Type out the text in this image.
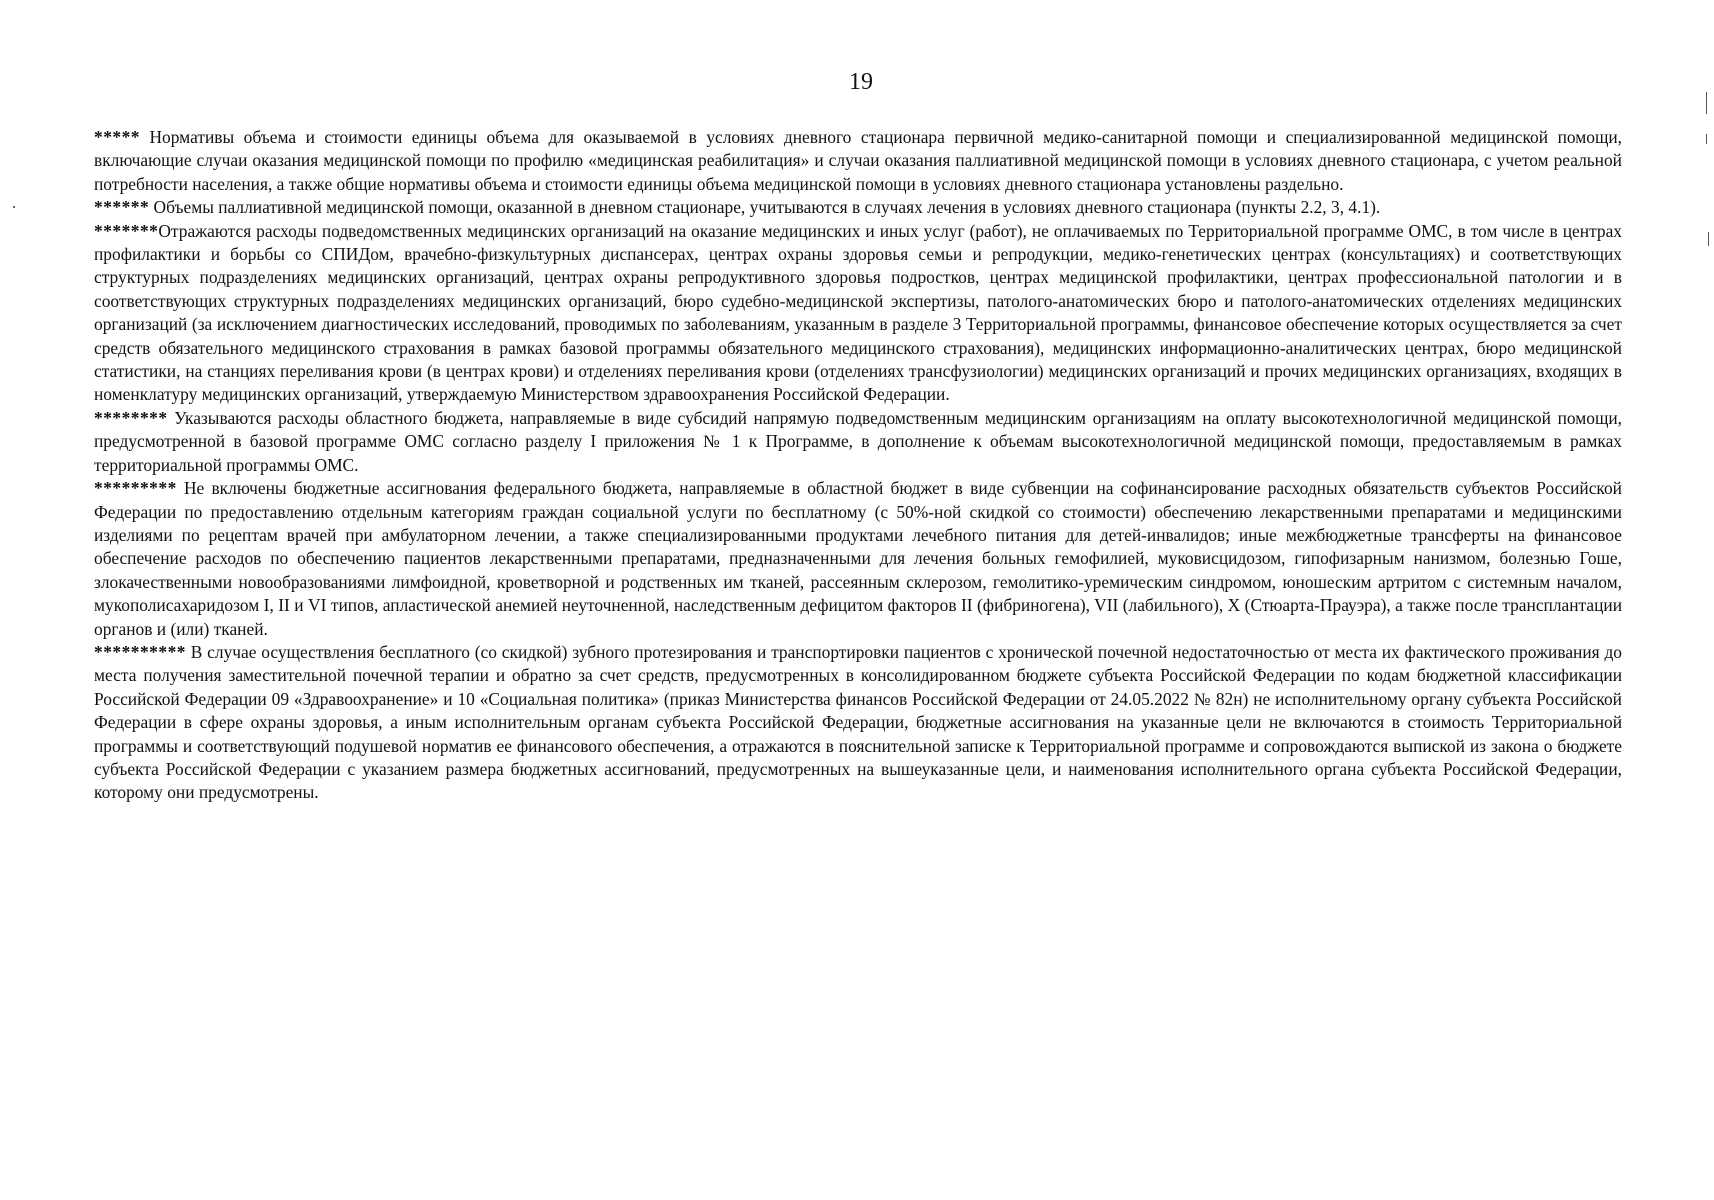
19

***** Нормативы объема и стоимости единицы объема для оказываемой в условиях дневного стационара первичной медико-санитарной помощи и специализированной медицинской помощи, включающие случаи оказания медицинской помощи по профилю «медицинская реабилитация» и случаи оказания паллиативной медицинской помощи в условиях дневного стационара, с учетом реальной потребности населения, а также общие нормативы объема и стоимости единицы объема медицинской помощи в условиях дневного стационара установлены раздельно.

****** Объемы паллиативной медицинской помощи, оказанной в дневном стационаре, учитываются в случаях лечения в условиях дневного стационара (пункты 2.2, 3, 4.1).

*******Отражаются расходы подведомственных медицинских организаций на оказание медицинских и иных услуг (работ), не оплачиваемых по Территориальной программе ОМС, в том числе в центрах профилактики и борьбы со СПИДом, врачебно-физкультурных диспансерах, центрах охраны здоровья семьи и репродукции, медико-генетических центрах (консультациях) и соответствующих структурных подразделениях медицинских организаций, центрах охраны репродуктивного здоровья подростков, центрах медицинской профилактики, центрах профессиональной патологии и в соответствующих структурных подразделениях медицинских организаций, бюро судебно-медицинской экспертизы, патолого-анатомических бюро и патолого-анатомических отделениях медицинских организаций (за исключением диагностических исследований, проводимых по заболеваниям, указанным в разделе 3 Территориальной программы, финансовое обеспечение которых осуществляется за счет средств обязательного медицинского страхования в рамках базовой программы обязательного медицинского страхования), медицинских информационно-аналитических центрах, бюро медицинской статистики, на станциях переливания крови (в центрах крови) и отделениях переливания крови (отделениях трансфузиологии) медицинских организаций и прочих медицинских организациях, входящих в номенклатуру медицинских организаций, утверждаемую Министерством здравоохранения Российской Федерации.

******** Указываются расходы областного бюджета, направляемые в виде субсидий напрямую подведомственным медицинским организациям на оплату высокотехнологичной медицинской помощи, предусмотренной в базовой программе ОМС согласно разделу I приложения № 1 к Программе, в дополнение к объемам высокотехнологичной медицинской помощи, предоставляемым в рамках территориальной программы ОМС.

********* Не включены бюджетные ассигнования федерального бюджета, направляемые в областной бюджет в виде субвенции на софинансирование расходных обязательств субъектов Российской Федерации по предоставлению отдельным категориям граждан социальной услуги по бесплатному (с 50%-ной скидкой со стоимости) обеспечению лекарственными препаратами и медицинскими изделиями по рецептам врачей при амбулаторном лечении, а также специализированными продуктами лечебного питания для детей-инвалидов; иные межбюджетные трансферты на финансовое обеспечение расходов по обеспечению пациентов лекарственными препаратами, предназначенными для лечения больных гемофилией, муковисцидозом, гипофизарным нанизмом, болезнью Гоше, злокачественными новообразованиями лимфоидной, кроветворной и родственных им тканей, рассеянным склерозом, гемолитико-уремическим синдромом, юношеским артритом с системным началом, мукополисахаридозом I, II и VI типов, апластической анемией неуточненной, наследственным дефицитом факторов II (фибриногена), VII (лабильного), X (Стюарта-Прауэра), а также после трансплантации органов и (или) тканей.

********** В случае осуществления бесплатного (со скидкой) зубного протезирования и транспортировки пациентов с хронической почечной недостаточностью от места их фактического проживания до места получения заместительной почечной терапии и обратно за счет средств, предусмотренных в консолидированном бюджете субъекта Российской Федерации по кодам бюджетной классификации Российской Федерации 09 «Здравоохранение» и 10 «Социальная политика» (приказ Министерства финансов Российской Федерации от 24.05.2022 № 82н) не исполнительному органу субъекта Российской Федерации в сфере охраны здоровья, а иным исполнительным органам субъекта Российской Федерации, бюджетные ассигнования на указанные цели не включаются в стоимость Территориальной программы и соответствующий подушевой норматив ее финансового обеспечения, а отражаются в пояснительной записке к Территориальной программе и сопровождаются выпиской из закона о бюджете субъекта Российской Федерации с указанием размера бюджетных ассигнований, предусмотренных на вышеуказанные цели, и наименования исполнительного органа субъекта Российской Федерации, которому они предусмотрены.
